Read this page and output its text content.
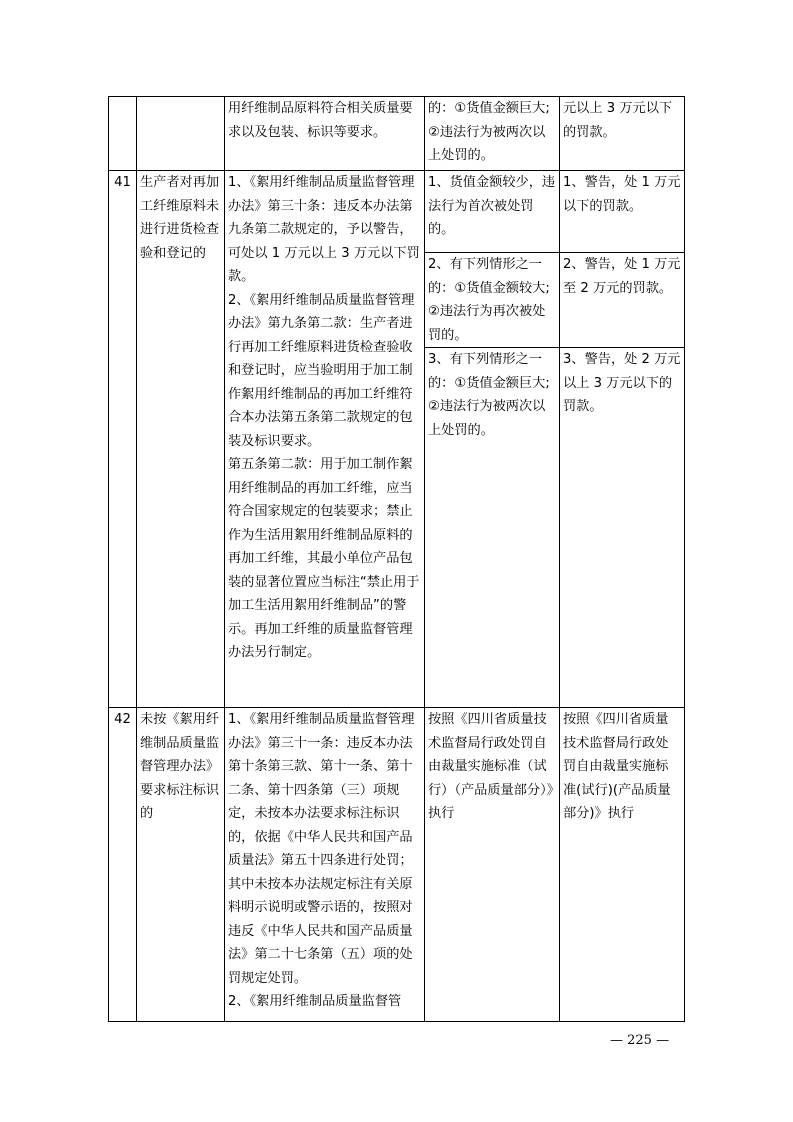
		用纤维制品原料符合相关质量要求以及包装、标识等要求。	的：①货值金额巨大;②违法行为被两次以上处罚的。	元以上 3 万元以下的罚款。
41	生产者对再加工纤维原料未进行进货检查验和登记的	1、《絮用纤维制品质量监督管理办法》第三十条：违反本办法第九条第二款规定的，予以警告，可处以 1 万元以上 3 万元以下罚款。
2、《絮用纤维制品质量监督管理办法》第九条第二款：生产者进行再加工纤维原料进货检查验收和登记时，应当验明用于加工制作絮用纤维制品的再加工纤维符合本办法第五条第二款规定的包装及标识要求。
第五条第二款：用于加工制作絮用纤维制品的再加工纤维，应当符合国家规定的包装要求；禁止作为生活用絮用纤维制品原料的再加工纤维，其最小单位产品包装的显著位置应当标注“禁止用于加工生活用絮用纤维制品”的警示。再加工纤维的质量监督管理办法另行制定。	1、货值金额较少，违法行为首次被处罚的。	1、警告，处 1 万元以下的罚款。
			2、有下列情形之一的：①货值金额较大;②违法行为再次被处罚的。	2、警告，处 1 万元至 2 万元的罚款。
			3、有下列情形之一的：①货值金额巨大;②违法行为被两次以上处罚的。	3、警告，处 2 万元以上 3 万元以下的罚款。
42	未按《絮用纤维制品质量监督管理办法》要求标注标识的	1、《絮用纤维制品质量监督管理办法》第三十一条：违反本办法第十条第三款、第十一条、第十二条、第十四条第（三）项规定，未按本办法要求标注标识的，依据《中华人民共和国产品质量法》第五十四条进行处罚；其中未按本办法规定标注有关原料明示说明或警示语的，按照对违反《中华人民共和国产品质量法》第二十七条第（五）项的处罚规定处罚。
2、《絮用纤维制品质量监督管	按照《四川省质量技术监督局行政处罚自由裁量实施标准（试行）（产品质量部分）》执行	按照《四川省质量技术监督局行政处罚自由裁量实施标准(试行)(产品质量部分)》执行
— 225 —
